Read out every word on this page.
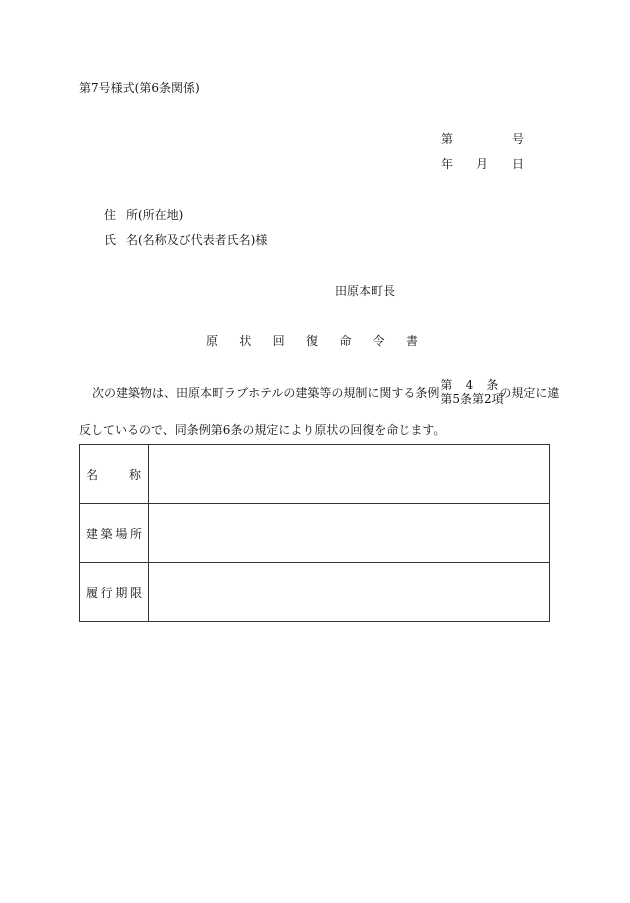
第7号様式(第6条関係)
第	号
年 月 日
住 所(所在地)
氏 名(名称及び代表者氏名)様
田原本町長
原 状 回 復 命 令 書
次の建築物は、田原本町ラブホテルの建築等の規制に関する条例
第 4 条
第5条第2項
の規定に違
反しているので、同条例第6条の規定により原状の回復を命じます。
名 称	

建 築 場 所	

履 行 期 限	
